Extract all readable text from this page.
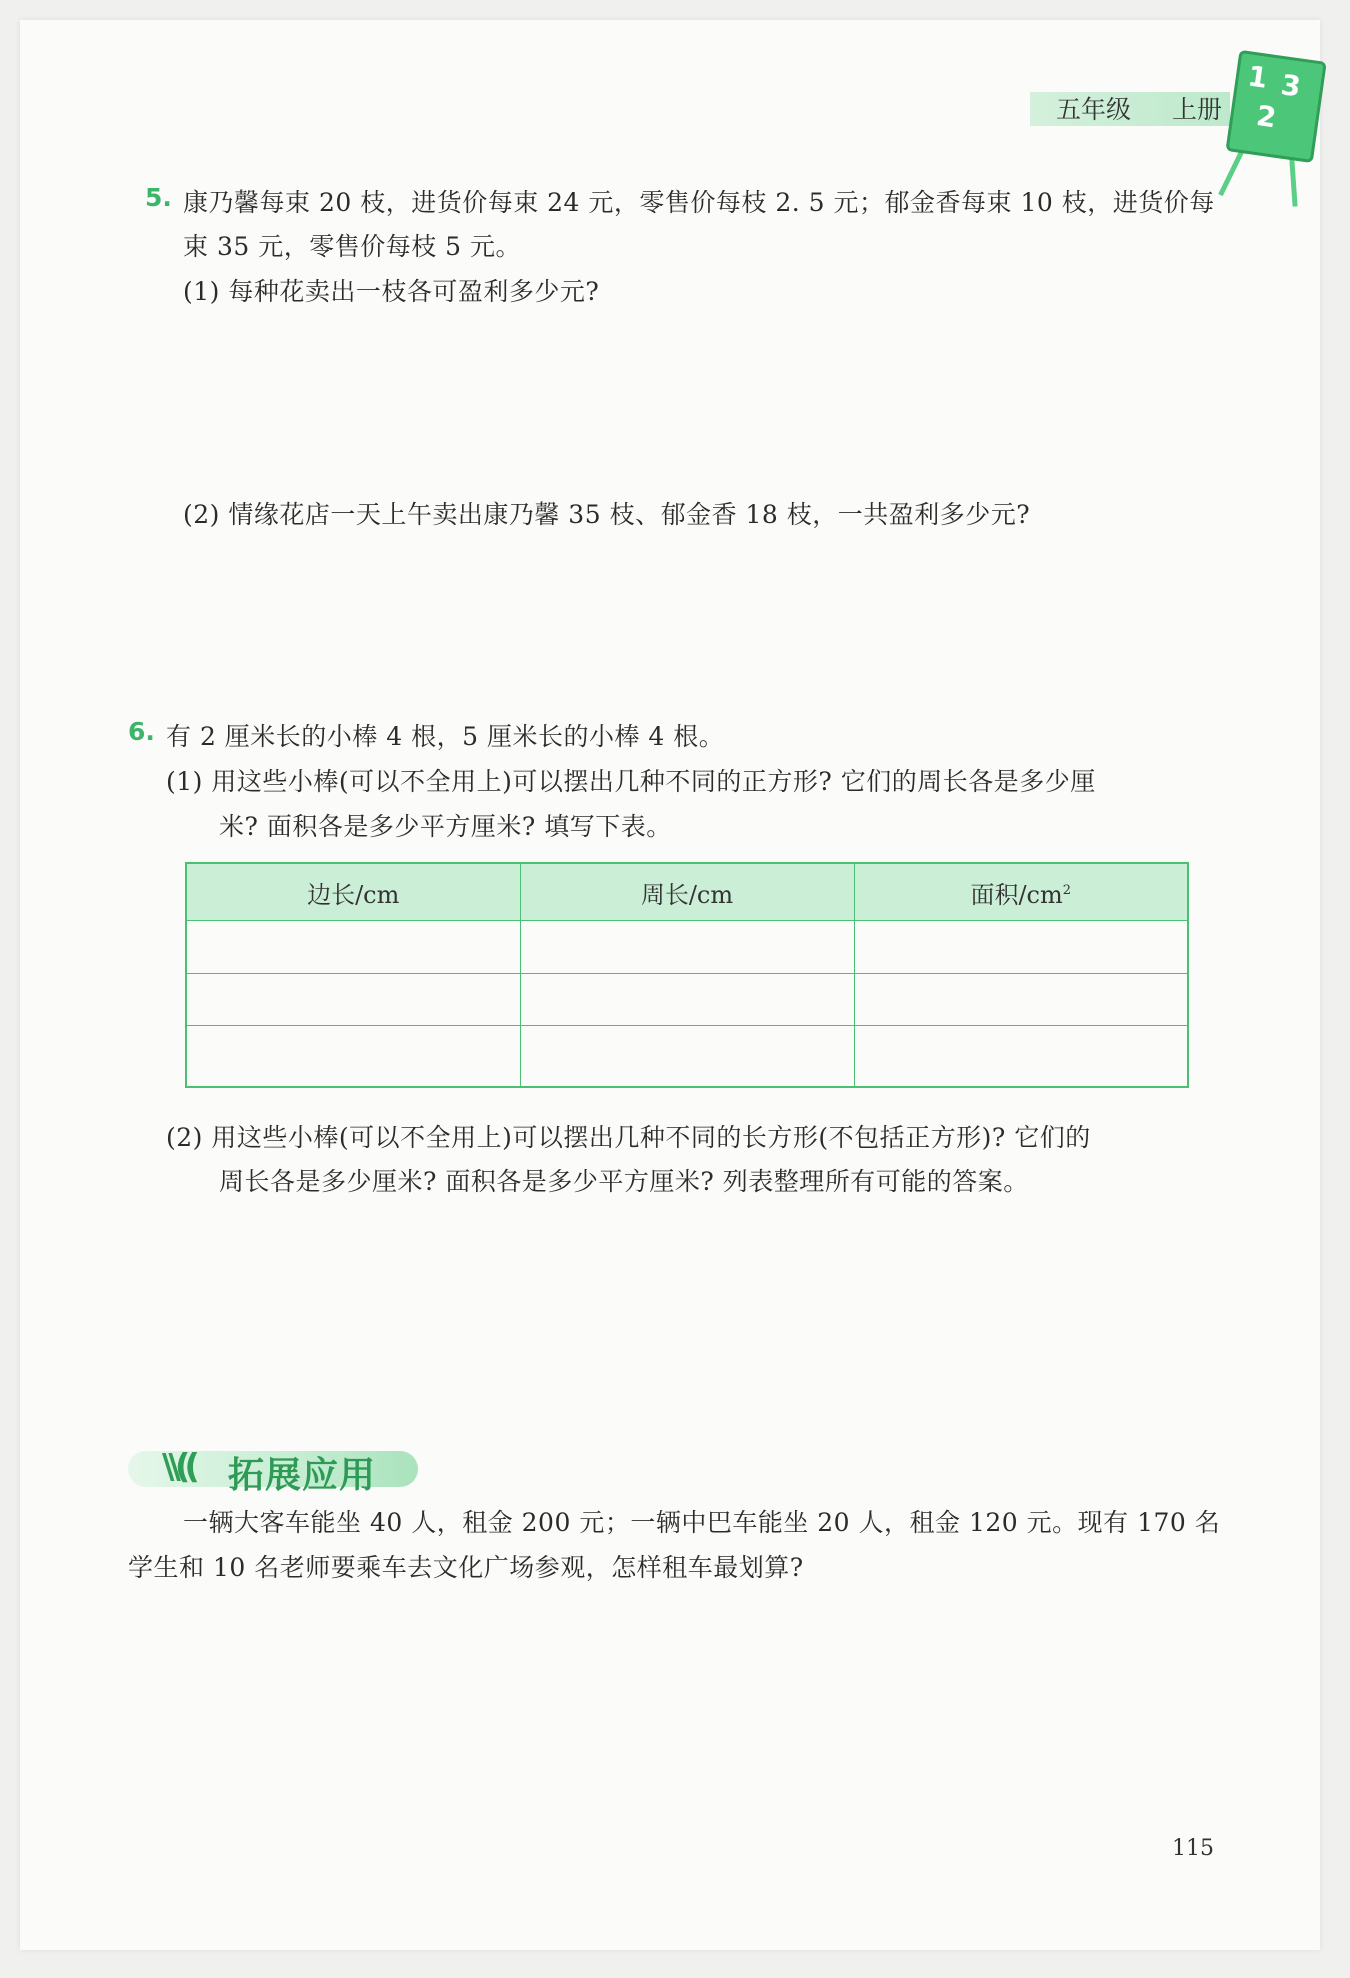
五年级 上册
1 3
2
5. 康乃馨每束 20 枝，进货价每束 24 元，零售价每枝 2. 5 元；郁金香每束 10 枝，进货价每
束 35 元，零售价每枝 5 元。
(1) 每种花卖出一枝各可盈利多少元?
(2) 情缘花店一天上午卖出康乃馨 35 枝、郁金香 18 枝，一共盈利多少元?
6. 有 2 厘米长的小棒 4 根，5 厘米长的小棒 4 根。
(1) 用这些小棒(可以不全用上)可以摆出几种不同的正方形? 它们的周长各是多少厘
米? 面积各是多少平方厘米? 填写下表。
边长/cm	周长/cm	面积$/cm^2$

(2) 用这些小棒(可以不全用上)可以摆出几种不同的长方形(不包括正方形)? 它们的
周长各是多少厘米? 面积各是多少平方厘米? 列表整理所有可能的答案。
\\(( 拓展应用
一辆大客车能坐 40 人，租金 200 元；一辆中巴车能坐 20 人，租金 120 元。现有 170 名
学生和 10 名老师要乘车去文化广场参观，怎样租车最划算?
115
